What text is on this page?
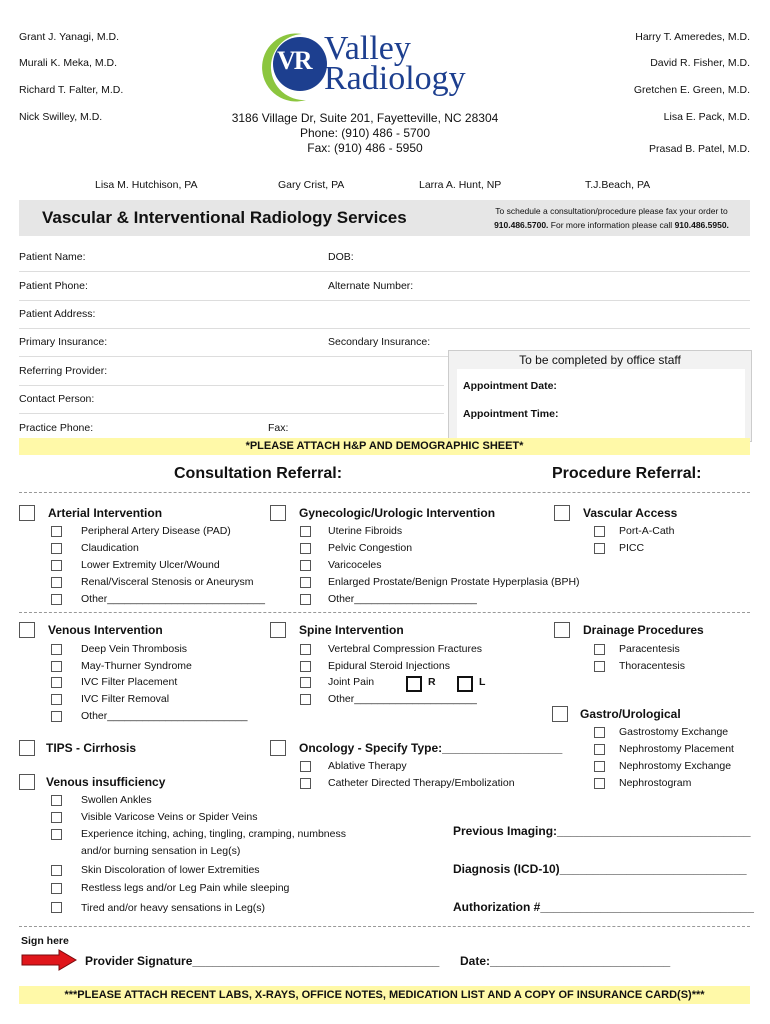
Grant J. Yanagi, M.D.
Murali K. Meka, M.D.
Richard T. Falter, M.D.
Nick Swilley, M.D.
Harry T. Ameredes, M.D.
David R. Fisher, M.D.
Gretchen E. Green, M.D.
Lisa E. Pack, M.D.
Prasad B. Patel, M.D.
VR Valley
Radiology
3186 Village Dr, Suite 201, Fayetteville, NC 28304
Phone: (910) 486 - 5700
Fax: (910) 486 - 5950
Lisa M. Hutchison, PA	Gary Crist, PA	Larra A. Hunt, NP	T.J.Beach, PA
Vascular & Interventional Radiology Services	To schedule a consultation/procedure please fax your order to
910.486.5700. For more information please call 910.486.5950.
Patient Name:	DOB:
Patient Phone:	Alternate Number:
Patient Address:
Primary Insurance:	Secondary Insurance:
Referring Provider:
Contact Person:
Practice Phone:	Fax:
To be completed by office staff
Appointment Date:
Appointment Time:
*PLEASE ATTACH H&P AND DEMOGRAPHIC SHEET*
Consultation Referral:	Procedure Referral:
Arterial Intervention
Peripheral Artery Disease (PAD)
Claudication
Lower Extremity Ulcer/Wound
Renal/Visceral Stenosis or Aneurysm
Other___________________________
Gynecologic/Urologic Intervention
Uterine Fibroids
Pelvic Congestion
Varicoceles
Enlarged Prostate/Benign Prostate Hyperplasia (BPH)
Other_____________________
Vascular Access
Port-A-Cath
PICC
Venous Intervention
Deep Vein Thrombosis
May-Thurner Syndrome
IVC Filter Placement
IVC Filter Removal
Other________________________
Spine Intervention
Vertebral Compression Fractures
Epidural Steroid Injections
Joint Pain	R	L
Other_____________________
Drainage Procedures
Paracentesis
Thoracentesis
Gastro/Urological
Gastrostomy Exchange
Nephrostomy Placement
Nephrostomy Exchange
Nephrostogram
TIPS - Cirrhosis	Oncology - Specify Type:__________________
Ablative Therapy
Catheter Directed Therapy/Embolization
Venous insufficiency
Swollen Ankles
Visible Varicose Veins or Spider Veins
Experience itching, aching, tingling, cramping, numbness
and/or burning sensation in Leg(s)
Skin Discoloration of lower Extremities
Restless legs and/or Leg Pain while sleeping
Tired and/or heavy sensations in Leg(s)
Previous Imaging:_____________________________
Diagnosis (ICD-10)____________________________
Authorization #________________________________
Sign here
Provider Signature_____________________________________ Date:___________________________
***PLEASE ATTACH RECENT LABS, X-RAYS, OFFICE NOTES, MEDICATION LIST AND A COPY OF INSURANCE CARD(S)***
